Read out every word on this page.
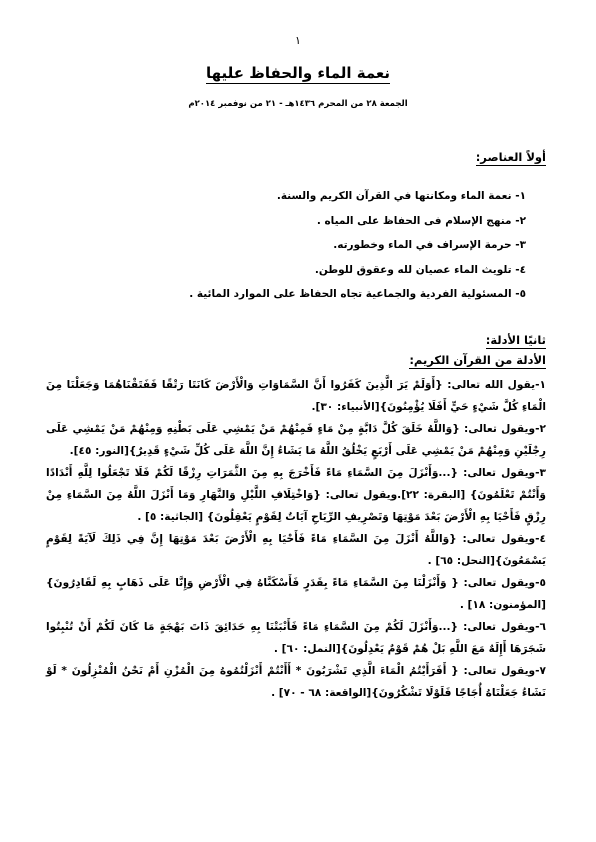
١
نعمة الماء والحفاظ عليها
الجمعة ٢٨ من المحرم ١٤٣٦هـ - ٢١ من نوفمبر ٢٠١٤م
أولاً العناصر:
١- نعمة الماء ومكانتها في القرآن الكريم والسنة.
٢- منهج الإسلام فى الحفاظ على المياه .
٣- حرمة الإسراف في الماء وخطورته.
٤- تلويث الماء عصيان لله وعقوق للوطن.
٥- المسئولية الفردية والجماعية تجاه الحفاظ على الموارد المائية .
ثانيًا الأدلة:
الأدلة من القرآن الكريم:

١-يقول الله تعالى: {أَوَلَمْ يَرَ الَّذِينَ كَفَرُوا أَنَّ السَّمَاوَاتِ وَالْأَرْضَ كَانَتَا رَتْقًا فَفَتَقْنَاهُمَا وَجَعَلْنَا مِنَ الْمَاءِ كُلَّ شَيْءٍ حَيٍّ أَفَلَا يُؤْمِنُونَ}[الأنبياء: ٣٠].

٢-ويقول تعالى: {وَاللَّهُ خَلَقَ كُلَّ دَابَّةٍ مِنْ مَاءٍ فَمِنْهُمْ مَنْ يَمْشِي عَلَى بَطْنِهِ وَمِنْهُمْ مَنْ يَمْشِي عَلَى رِجْلَيْنِ وَمِنْهُمْ مَنْ يَمْشِي عَلَى أَرْبَعٍ يَخْلُقُ اللَّهُ مَا يَشَاءُ إِنَّ اللَّهَ عَلَى كُلِّ شَيْءٍ قَدِيرٌ}[النور: ٤٥].

٣-ويقول تعالى: {...وَأَنْزَلَ مِنَ السَّمَاءِ مَاءً فَأَخْرَجَ بِهِ مِنَ الثَّمَرَاتِ رِزْقًا لَكُمْ فَلَا تَجْعَلُوا لِلَّهِ أَنْدَادًا وَأَنْتُمْ تَعْلَمُونَ} [البقرة: ٢٢].ويقول تعالى: {وَاخْتِلَافِ اللَّيْلِ وَالنَّهَارِ وَمَا أَنْزَلَ اللَّهُ مِنَ السَّمَاءِ مِنْ رِزْقٍ فَأَحْيَا بِهِ الْأَرْضَ بَعْدَ مَوْتِهَا وَتَصْرِيفِ الرِّيَاحِ آيَاتٌ لِقَوْمٍ يَعْقِلُونَ} [الجاثية: ٥] .

٤-ويقول تعالى: {وَاللَّهُ أَنْزَلَ مِنَ السَّمَاءِ مَاءً فَأَحْيَا بِهِ الْأَرْضَ بَعْدَ مَوْتِهَا إِنَّ فِي ذَلِكَ لَآيَةً لِقَوْمٍ يَسْمَعُونَ}[النحل: ٦٥] .

٥-ويقول تعالى: { وَأَنْزَلْنَا مِنَ السَّمَاءِ مَاءً بِقَدَرٍ فَأَسْكَنَّاهُ فِي الْأَرْضِ وَإِنَّا عَلَى ذَهَابٍ بِهِ لَقَادِرُونَ} [المؤمنون: ١٨] .

٦-ويقول تعالى: {...وَأَنْزَلَ لَكُمْ مِنَ السَّمَاءِ مَاءً فَأَنْبَتْنَا بِهِ حَدَائِقَ ذَاتَ بَهْجَةٍ مَا كَانَ لَكُمْ أَنْ تُنْبِتُوا شَجَرَهَا أَإِلَهٌ مَعَ اللَّهِ بَلْ هُمْ قَوْمٌ يَعْدِلُونَ}[النمل: ٦٠] .

٧-ويقول تعالى: { أَفَرَأَيْتُمُ الْمَاءَ الَّذِي تَشْرَبُونَ * أَأَنْتُمْ أَنْزَلْتُمُوهُ مِنَ الْمُزْنِ أَمْ نَحْنُ الْمُنْزِلُونَ * لَوْ نَشَاءُ جَعَلْنَاهُ أُجَاجًا فَلَوْلَا تَشْكُرُونَ}[الواقعة: ٦٨ - ٧٠] .
